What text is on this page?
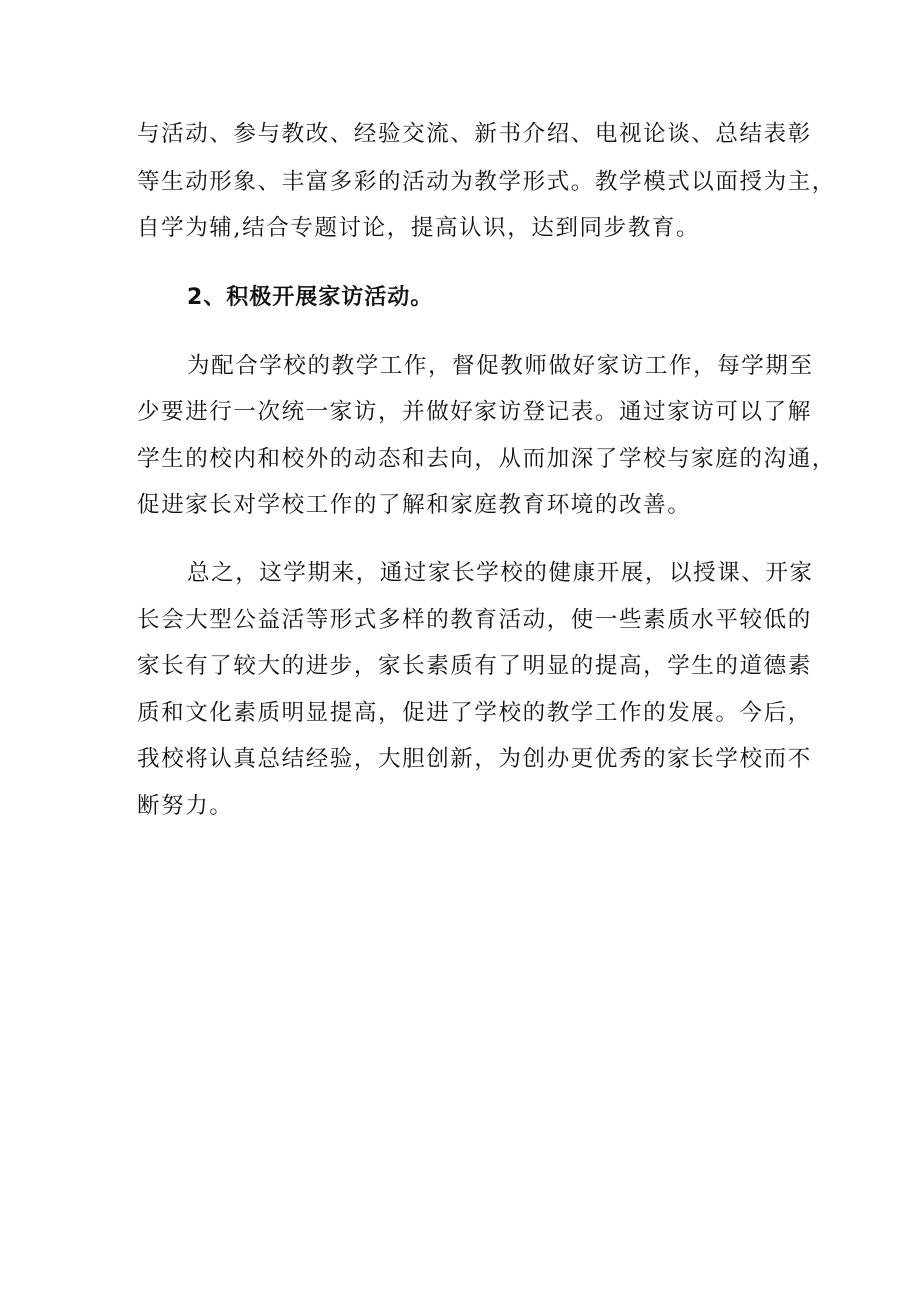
与活动、参与教改、经验交流、新书介绍、电视论谈、总结表彰
等生动形象、丰富多彩的活动为教学形式。教学模式以面授为主，
自学为辅,结合专题讨论，提高认识，达到同步教育。
2、积极开展家访活动。
为配合学校的教学工作，督促教师做好家访工作，每学期至
少要进行一次统一家访，并做好家访登记表。通过家访可以了解
学生的校内和校外的动态和去向，从而加深了学校与家庭的沟通，
促进家长对学校工作的了解和家庭教育环境的改善。
总之，这学期来，通过家长学校的健康开展，以授课、开家
长会大型公益活等形式多样的教育活动，使一些素质水平较低的
家长有了较大的进步，家长素质有了明显的提高，学生的道德素
质和文化素质明显提高，促进了学校的教学工作的发展。今后，
我校将认真总结经验，大胆创新，为创办更优秀的家长学校而不
断努力。
